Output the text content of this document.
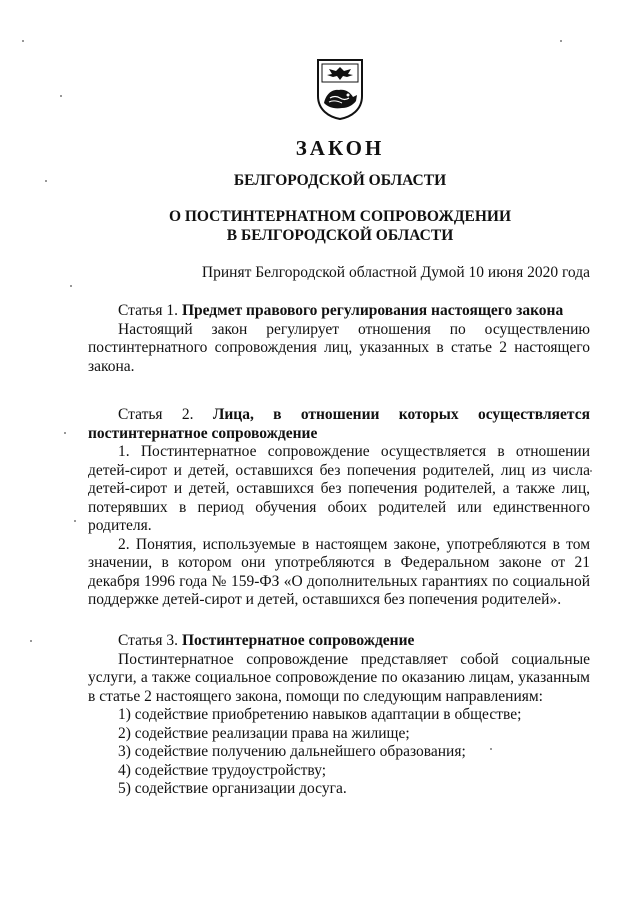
ЗАКОН
БЕЛГОРОДСКОЙ ОБЛАСТИ
О ПОСТИНТЕРНАТНОМ СОПРОВОЖДЕНИИ
В БЕЛГОРОДСКОЙ ОБЛАСТИ
Принят Белгородской областной Думой 10 июня 2020 года

Статья 1. Предмет правового регулирования настоящего закона

Настоящий закон регулирует отношения по осуществлению постинтернатного сопровождения лиц, указанных в статье 2 настоящего закона.

Статья 2. Лица, в отношении которых осуществляется постинтернатное сопровождение

1. Постинтернатное сопровождение осуществляется в отношении детей-сирот и детей, оставшихся без попечения родителей, лиц из числа детей-сирот и детей, оставшихся без попечения родителей, а также лиц, потерявших в период обучения обоих родителей или единственного родителя.

2. Понятия, используемые в настоящем законе, употребляются в том значении, в котором они употребляются в Федеральном законе от 21 декабря 1996 года № 159-ФЗ «О дополнительных гарантиях по социальной поддержке детей-сирот и детей, оставшихся без попечения родителей».

Статья 3. Постинтернатное сопровождение

Постинтернатное сопровождение представляет собой социальные услуги, а также социальное сопровождение по оказанию лицам, указанным в статье 2 настоящего закона, помощи по следующим направлениям:

1) содействие приобретению навыков адаптации в обществе;

2) содействие реализации права на жилище;

3) содействие получению дальнейшего образования;

4) содействие трудоустройству;

5) содействие организации досуга.
